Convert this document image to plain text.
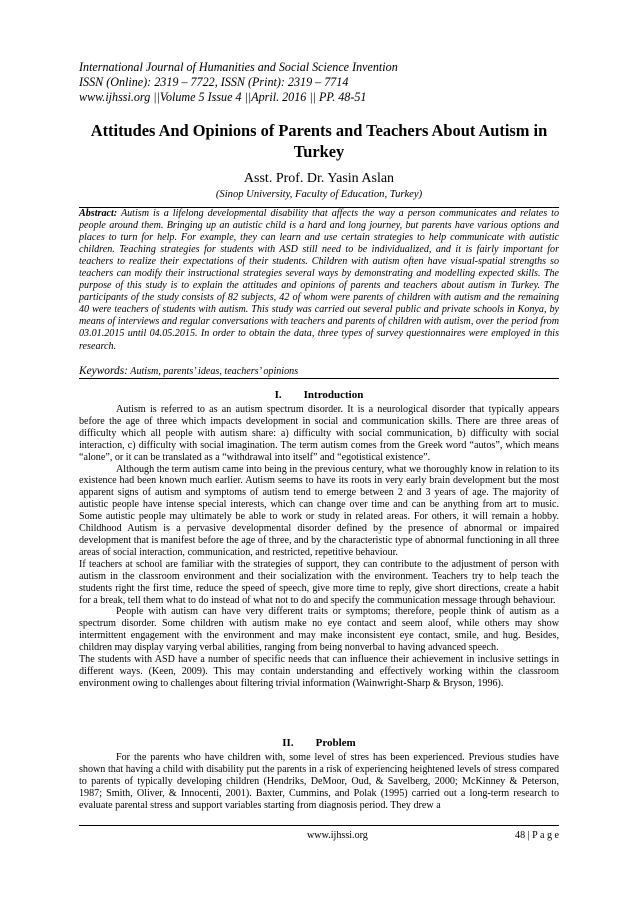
International Journal of Humanities and Social Science Invention
ISSN (Online): 2319 – 7722, ISSN (Print): 2319 – 7714
www.ijhssi.org ||Volume 5 Issue 4 ||April. 2016 || PP. 48-51
Attitudes And Opinions of Parents and Teachers About Autism in Turkey
Asst. Prof. Dr. Yasin Aslan
(Sinop University, Faculty of Education, Turkey)
Abstract: Autism is a lifelong developmental disability that affects the way a person communicates and relates to people around them. Bringing up an autistic child is a hard and long journey, but parents have various options and places to turn for help. For example, they can learn and use certain strategies to help communicate with autistic children. Teaching strategies for students with ASD still need to be individualized, and it is fairly important for teachers to realize their expectations of their students. Children with autism often have visual-spatial strengths so teachers can modify their instructional strategies several ways by demonstrating and modelling expected skills. The purpose of this study is to explain the attitudes and opinions of parents and teachers about autism in Turkey. The participants of the study consists of 82 subjects, 42 of whom were parents of children with autism and the remaining 40 were teachers of students with autism. This study was carried out several public and private schools in Konya, by means of interviews and regular conversations with teachers and parents of children with autism, over the period from 03.01.2015 until 04.05.2015. In order to obtain the data, three types of survey questionnaires were employed in this research.
Keywords: Autism, parents’ ideas, teachers’ opinions
I. Introduction

Autism is referred to as an autism spectrum disorder. It is a neurological disorder that typically appears before the age of three which impacts development in social and communication skills. There are three areas of difficulty which all people with autism share: a) difficulty with social communication, b) difficulty with social interaction, c) difficulty with social imagination. The term autism comes from the Greek word “autos”, which means “alone”, or it can be translated as a “withdrawal into itself” and “egotistical existence”.

Although the term autism came into being in the previous century, what we thoroughly know in relation to its existence had been known much earlier. Autism seems to have its roots in very early brain development but the most apparent signs of autism and symptoms of autism tend to emerge between 2 and 3 years of age. The majority of autistic people have intense special interests, which can change over time and can be anything from art to music. Some autistic people may ultimately be able to work or study in related areas. For others, it will remain a hobby. Childhood Autism is a pervasive developmental disorder defined by the presence of abnormal or impaired development that is manifest before the age of three, and by the characteristic type of abnormal functioning in all three areas of social interaction, communication, and restricted, repetitive behaviour.

If teachers at school are familiar with the strategies of support, they can contribute to the adjustment of person with autism in the classroom environment and their socialization with the environment. Teachers try to help teach the students right the first time, reduce the speed of speech, give more time to reply, give short directions, create a habit for a break, tell them what to do instead of what not to do and specify the communication message through behaviour.

People with autism can have very different traits or symptoms; therefore, people think of autism as a spectrum disorder. Some children with autism make no eye contact and seem aloof, while others may show intermittent engagement with the environment and may make inconsistent eye contact, smile, and hug. Besides, children may display varying verbal abilities, ranging from being nonverbal to having advanced speech.

The students with ASD have a number of specific needs that can influence their achievement in inclusive settings in different ways. (Keen, 2009). This may contain understanding and effectively working within the classroom environment owing to challenges about filtering trivial information (Wainwright-Sharp & Bryson, 1996).

II. Problem

For the parents who have children with, some level of stres has been experienced. Previous studies have shown that having a child with disability put the parents in a risk of experiencing heightened levels of stress compared to parents of typically developing children (Hendriks, DeMoor, Oud, & Savelberg, 2000; McKinney & Peterson, 1987; Smith, Oliver, & Innocenti, 2001). Baxter, Cummins, and Polak (1995) carried out a long-term research to evaluate parental stress and support variables starting from diagnosis period. They drew a

www.ijhssi.org	48 | P a g e
